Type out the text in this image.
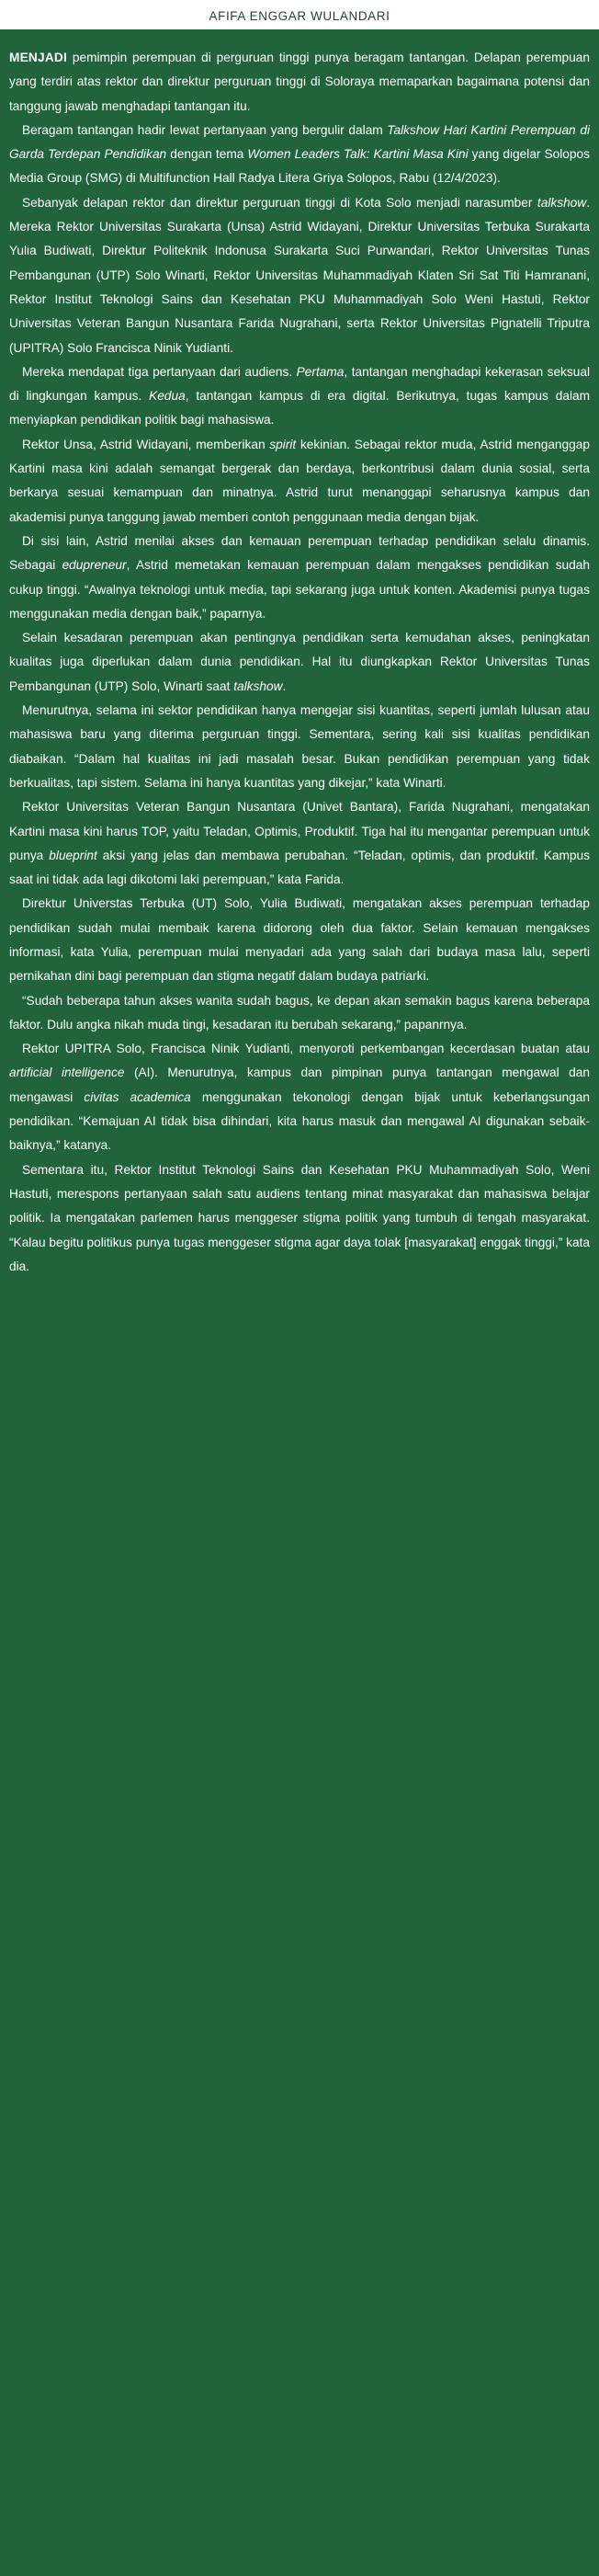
AFIFA ENGGAR WULANDARI

MENJADI pemimpin perempuan di perguruan tinggi punya beragam tantangan. Delapan perempuan yang terdiri atas rektor dan direktur perguruan tinggi di Soloraya memaparkan bagaimana potensi dan tanggung jawab menghadapi tantangan itu.

Beragam tantangan hadir lewat pertanyaan yang bergulir dalam Talkshow Hari Kartini Perempuan di Garda Terdepan Pendidikan dengan tema Women Leaders Talk: Kartini Masa Kini yang digelar Solopos Media Group (SMG) di Multifunction Hall Radya Litera Griya Solopos, Rabu (12/4/2023).

Sebanyak delapan rektor dan direktur perguruan tinggi di Kota Solo menjadi narasumber talkshow. Mereka Rektor Universitas Surakarta (Unsa) Astrid Widayani, Direktur Universitas Terbuka Surakarta Yulia Budiwati, Direktur Politeknik Indonusa Surakarta Suci Purwandari, Rektor Universitas Tunas Pembangunan (UTP) Solo Winarti, Rektor Universitas Muhammadiyah Klaten Sri Sat Titi Hamranani, Rektor Institut Teknologi Sains dan Kesehatan PKU Muhammadiyah Solo Weni Hastuti, Rektor Universitas Veteran Bangun Nusantara Farida Nugrahani, serta Rektor Universitas Pignatelli Triputra (UPITRA) Solo Francisca Ninik Yudianti.

Mereka mendapat tiga pertanyaan dari audiens. Pertama, tantangan menghadapi kekerasan seksual di lingkungan kampus. Kedua, tantangan kampus di era digital. Berikutnya, tugas kampus dalam menyiapkan pendidikan politik bagi mahasiswa.

Rektor Unsa, Astrid Widayani, memberikan spirit kekinian. Sebagai rektor muda, Astrid menganggap Kartini masa kini adalah semangat bergerak dan berdaya, berkontribusi dalam dunia sosial, serta berkarya sesuai kemampuan dan minatnya. Astrid turut menanggapi seharusnya kampus dan akademisi punya tanggung jawab memberi contoh penggunaan media dengan bijak.

Di sisi lain, Astrid menilai akses dan kemauan perempuan terhadap pendidikan selalu dinamis. Sebagai edupreneur, Astrid memetakan kemauan perempuan dalam mengakses pendidikan sudah cukup tinggi. “Awalnya teknologi untuk media, tapi sekarang juga untuk konten. Akademisi punya tugas menggunakan media dengan baik,” paparnya.

Selain kesadaran perempuan akan pentingnya pendidikan serta kemudahan akses, peningkatan kualitas juga diperlukan dalam dunia pendidikan. Hal itu diungkapkan Rektor Universitas Tunas Pembangunan (UTP) Solo, Winarti saat talkshow.

Menurutnya, selama ini sektor pendidikan hanya mengejar sisi kuantitas, seperti jumlah lulusan atau mahasiswa baru yang diterima perguruan tinggi. Sementara, sering kali sisi kualitas pendidikan diabaikan. “Dalam hal kualitas ini jadi masalah besar. Bukan pendidikan perempuan yang tidak berkualitas, tapi sistem. Selama ini hanya kuantitas yang dikejar,” kata Winarti.

Rektor Universitas Veteran Bangun Nusantara (Univet Bantara), Farida Nugrahani, mengatakan Kartini masa kini harus TOP, yaitu Teladan, Optimis, Produktif. Tiga hal itu mengantar perempuan untuk punya blueprint aksi yang jelas dan membawa perubahan. “Teladan, optimis, dan produktif. Kampus saat ini tidak ada lagi dikotomi laki perempuan,” kata Farida.

Direktur Universtas Terbuka (UT) Solo, Yulia Budiwati, mengatakan akses perempuan terhadap pendidikan sudah mulai membaik karena didorong oleh dua faktor. Selain kemauan mengakses informasi, kata Yulia, perempuan mulai menyadari ada yang salah dari budaya masa lalu, seperti pernikahan dini bagi perempuan dan stigma negatif dalam budaya patriarki.

“Sudah beberapa tahun akses wanita sudah bagus, ke depan akan semakin bagus karena beberapa faktor. Dulu angka nikah muda tingi, kesadaran itu berubah sekarang,” papanrnya.

Rektor UPITRA Solo, Francisca Ninik Yudianti, menyoroti perkembangan kecerdasan buatan atau artificial intelligence (AI). Menurutnya, kampus dan pimpinan punya tantangan mengawal dan mengawasi civitas academica menggunakan tekonologi dengan bijak untuk keberlangsungan pendidikan. “Kemajuan AI tidak bisa dihindari, kita harus masuk dan mengawal AI digunakan sebaik-baiknya,” katanya.

Sementara itu, Rektor Institut Teknologi Sains dan Kesehatan PKU Muhammadiyah Solo, Weni Hastuti, merespons pertanyaan salah satu audiens tentang minat masyarakat dan mahasiswa belajar politik. Ia mengatakan parlemen harus menggeser stigma politik yang tumbuh di tengah masyarakat. “Kalau begitu politikus punya tugas menggeser stigma agar daya tolak [masyarakat] enggak tinggi,” kata dia.
